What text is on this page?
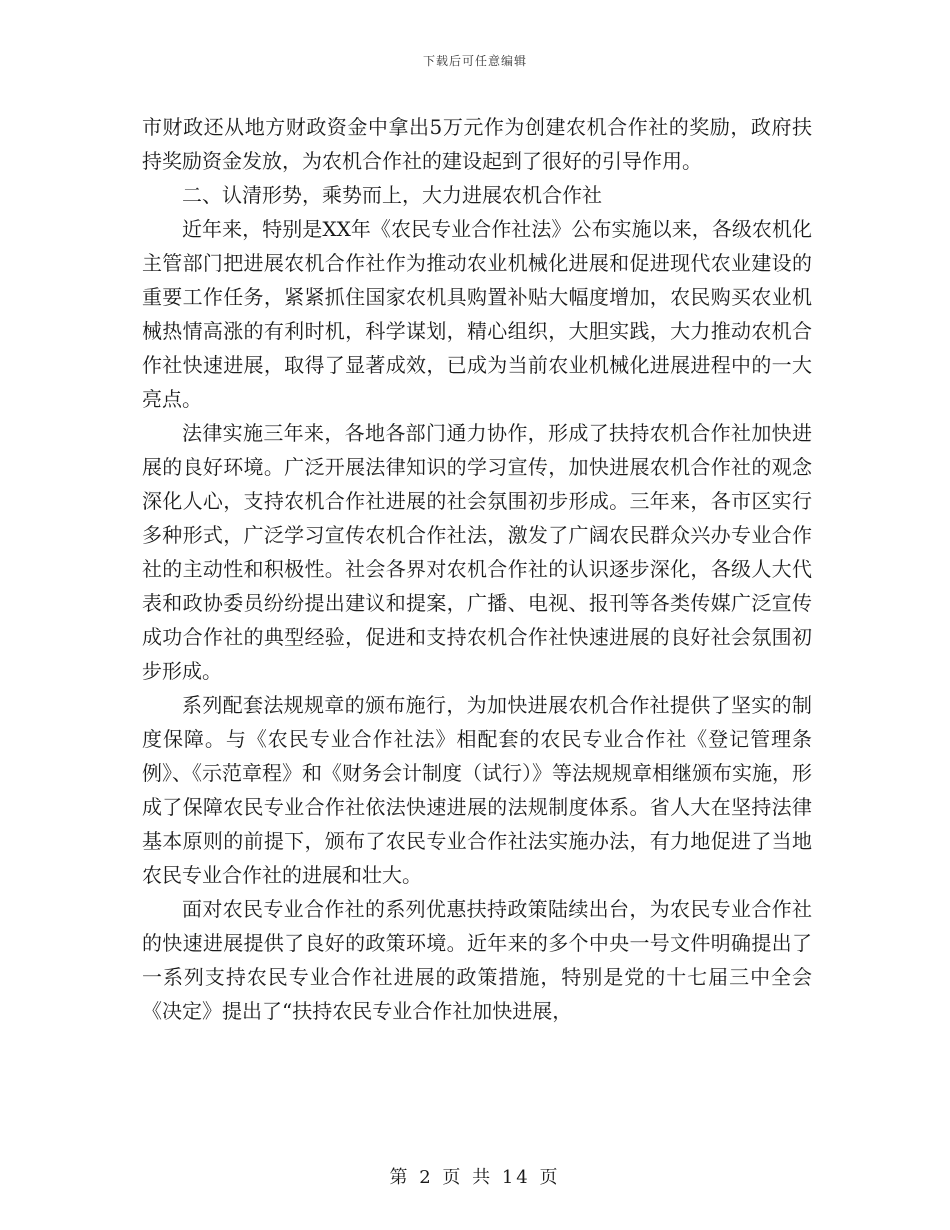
下载后可任意编辑

市财政还从地方财政资金中拿出5万元作为创建农机合作社的奖励，政府扶持奖励资金发放，为农机合作社的建设起到了很好的引导作用。

二、认清形势，乘势而上，大力进展农机合作社

近年来，特别是XX年《农民专业合作社法》公布实施以来，各级农机化主管部门把进展农机合作社作为推动农业机械化进展和促进现代农业建设的重要工作任务，紧紧抓住国家农机具购置补贴大幅度增加，农民购买农业机械热情高涨的有利时机，科学谋划，精心组织，大胆实践，大力推动农机合作社快速进展，取得了显著成效，已成为当前农业机械化进展进程中的一大亮点。

法律实施三年来，各地各部门通力协作，形成了扶持农机合作社加快进展的良好环境。广泛开展法律知识的学习宣传，加快进展农机合作社的观念深化人心，支持农机合作社进展的社会氛围初步形成。三年来，各市区实行多种形式，广泛学习宣传农机合作社法，激发了广阔农民群众兴办专业合作社的主动性和积极性。社会各界对农机合作社的认识逐步深化，各级人大代表和政协委员纷纷提出建议和提案，广播、电视、报刊等各类传媒广泛宣传成功合作社的典型经验，促进和支持农机合作社快速进展的良好社会氛围初步形成。

系列配套法规规章的颁布施行，为加快进展农机合作社提供了坚实的制度保障。与《农民专业合作社法》相配套的农民专业合作社《登记管理条例》、《示范章程》和《财务会计制度（试行）》等法规规章相继颁布实施，形成了保障农民专业合作社依法快速进展的法规制度体系。省人大在坚持法律基本原则的前提下，颁布了农民专业合作社法实施办法，有力地促进了当地农民专业合作社的进展和壮大。

面对农民专业合作社的系列优惠扶持政策陆续出台，为农民专业合作社的快速进展提供了良好的政策环境。近年来的多个中央一号文件明确提出了一系列支持农民专业合作社进展的政策措施，特别是党的十七届三中全会《决定》提出了“扶持农民专业合作社加快进展，

第 2 页 共 14 页
